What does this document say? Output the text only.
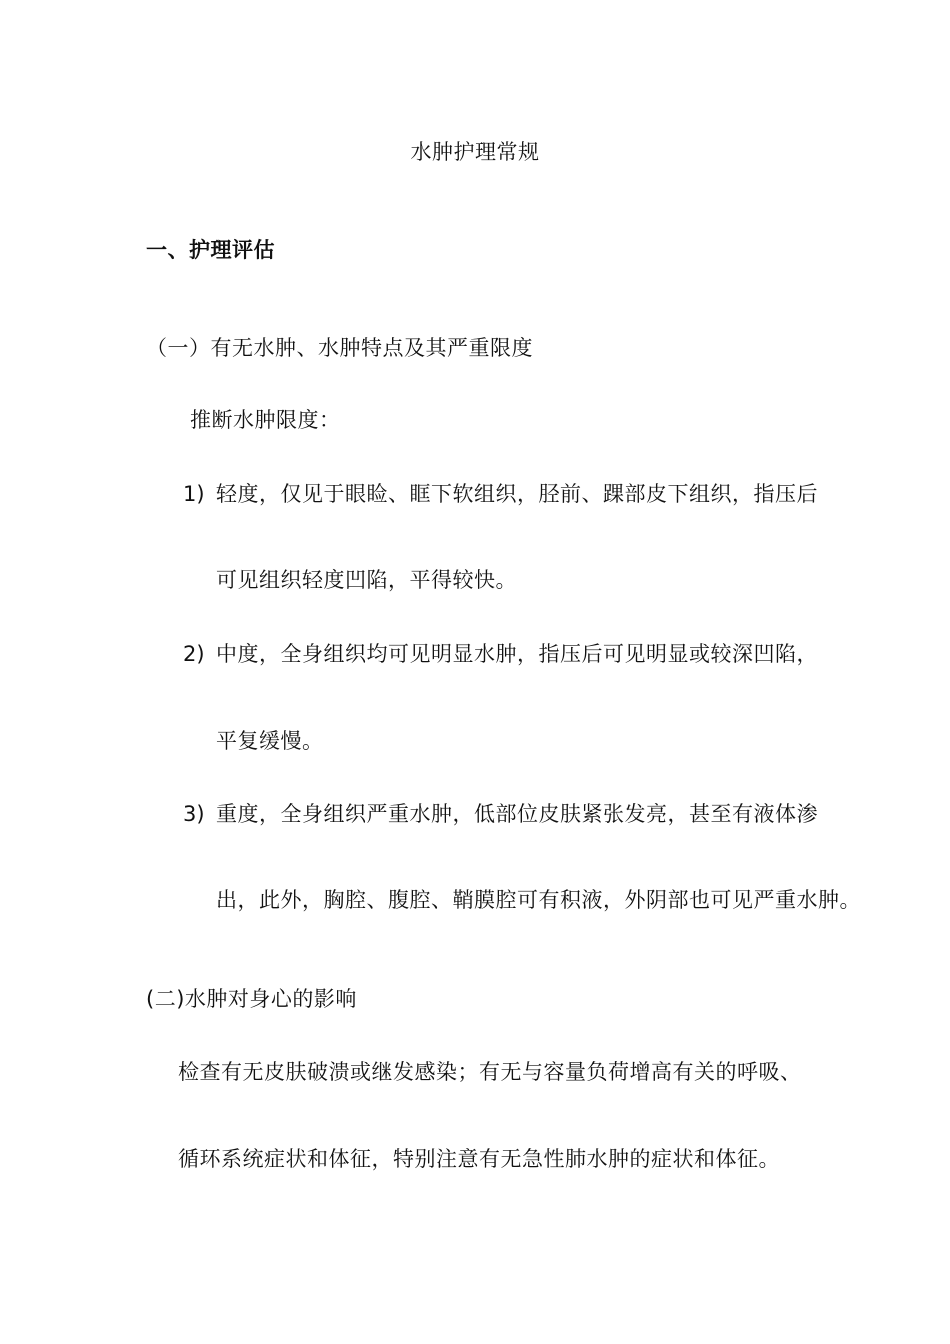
水肿护理常规
一、护理评估
（一）有无水肿、水肿特点及其严重限度
推断水肿限度：
1) 轻度，仅见于眼睑、眶下软组织，胫前、踝部皮下组织，指压后
可见组织轻度凹陷，平得较快。
2) 中度，全身组织均可见明显水肿，指压后可见明显或较深凹陷，
平复缓慢。
3) 重度，全身组织严重水肿，低部位皮肤紧张发亮，甚至有液体渗
出，此外，胸腔、腹腔、鞘膜腔可有积液，外阴部也可见严重水肿。
(二)水肿对身心的影响
检查有无皮肤破溃或继发感染；有无与容量负荷增高有关的呼吸、
循环系统症状和体征，特别注意有无急性肺水肿的症状和体征。
